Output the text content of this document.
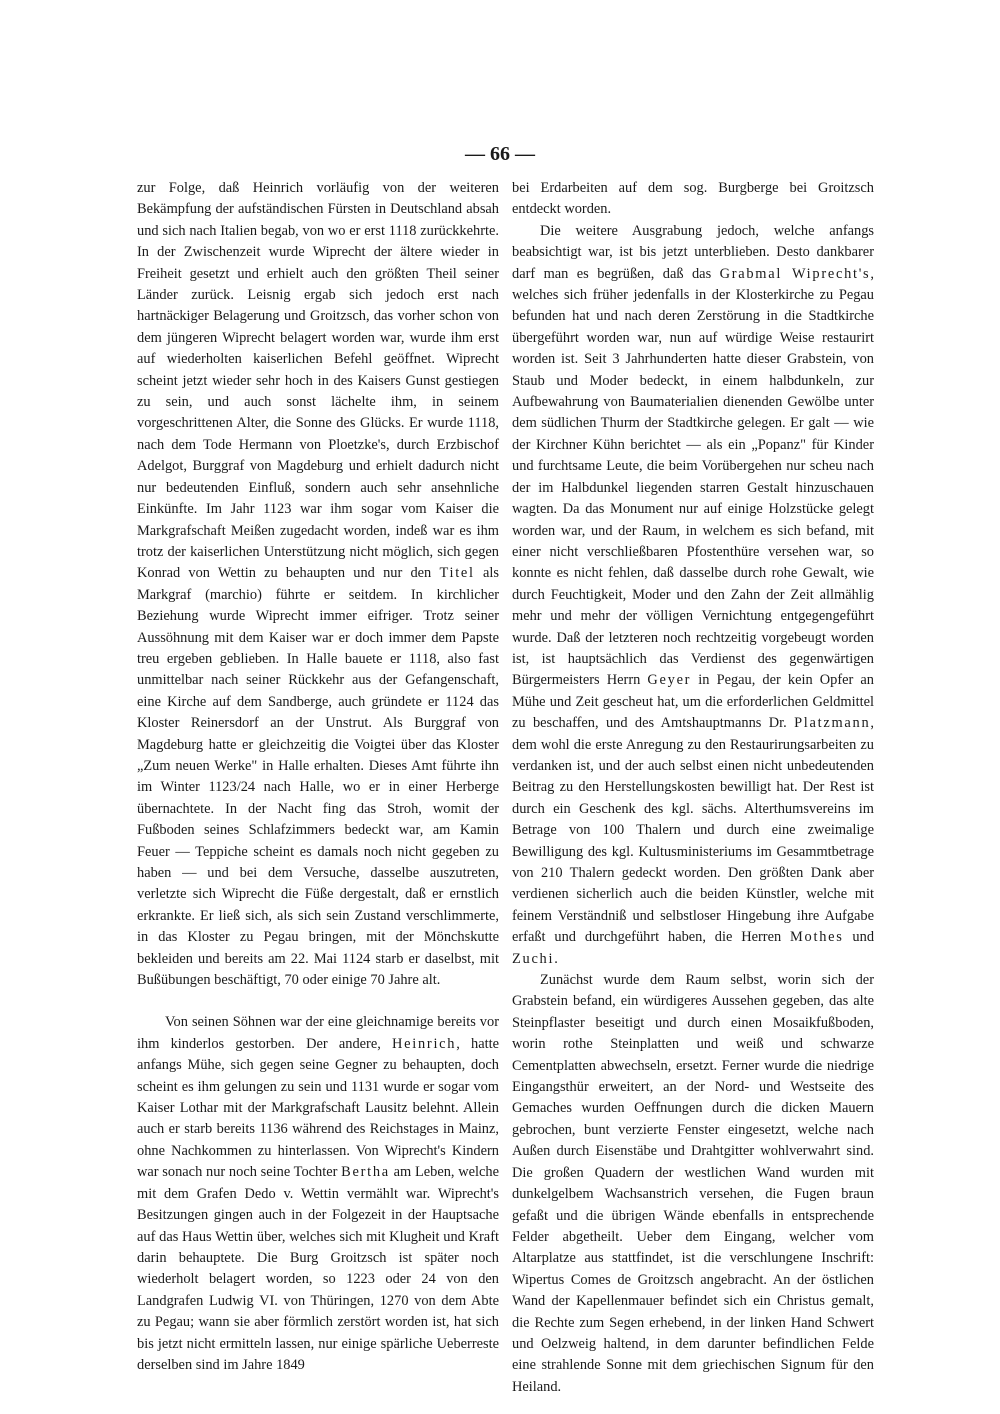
— 66 —

zur Folge, daß Heinrich vorläufig von der weiteren Bekämpfung der aufständischen Fürsten in Deutschland absah und sich nach Italien begab, von wo er erst 1118 zurückkehrte. In der Zwischenzeit wurde Wiprecht der ältere wieder in Freiheit gesetzt und erhielt auch den größten Theil seiner Länder zurück. Leisnig ergab sich jedoch erst nach hartnäckiger Belagerung und Groitzsch, das vorher schon von dem jüngeren Wiprecht belagert worden war, wurde ihm erst auf wiederholten kaiserlichen Befehl geöffnet. Wiprecht scheint jetzt wieder sehr hoch in des Kaisers Gunst gestiegen zu sein, und auch sonst lächelte ihm, in seinem vorgeschrittenen Alter, die Sonne des Glücks. Er wurde 1118, nach dem Tode Hermann von Ploetzke's, durch Erzbischof Adelgot, Burggraf von Magdeburg und erhielt dadurch nicht nur bedeutenden Einfluß, sondern auch sehr ansehnliche Einkünfte. Im Jahr 1123 war ihm sogar vom Kaiser die Markgrafschaft Meißen zugedacht worden, indeß war es ihm trotz der kaiserlichen Unterstützung nicht möglich, sich gegen Konrad von Wettin zu behaupten und nur den Titel als Markgraf (marchio) führte er seitdem. In kirchlicher Beziehung wurde Wiprecht immer eifriger. Trotz seiner Aussöhnung mit dem Kaiser war er doch immer dem Papste treu ergeben geblieben. In Halle bauete er 1118, also fast unmittelbar nach seiner Rückkehr aus der Gefangenschaft, eine Kirche auf dem Sandberge, auch gründete er 1124 das Kloster Reinersdorf an der Unstrut. Als Burggraf von Magdeburg hatte er gleichzeitig die Voigtei über das Kloster „Zum neuen Werke" in Halle erhalten. Dieses Amt führte ihn im Winter 1123/24 nach Halle, wo er in einer Herberge übernachtete. In der Nacht fing das Stroh, womit der Fußboden seines Schlafzimmers bedeckt war, am Kamin Feuer — Teppiche scheint es damals noch nicht gegeben zu haben — und bei dem Versuche, dasselbe auszutreten, verletzte sich Wiprecht die Füße dergestalt, daß er ernstlich erkrankte. Er ließ sich, als sich sein Zustand verschlimmerte, in das Kloster zu Pegau bringen, mit der Mönchskutte bekleiden und bereits am 22. Mai 1124 starb er daselbst, mit Bußübungen beschäftigt, 70 oder einige 70 Jahre alt.

Von seinen Söhnen war der eine gleichnamige bereits vor ihm kinderlos gestorben. Der andere, Heinrich, hatte anfangs Mühe, sich gegen seine Gegner zu behaupten, doch scheint es ihm gelungen zu sein und 1131 wurde er sogar vom Kaiser Lothar mit der Markgrafschaft Lausitz belehnt. Allein auch er starb bereits 1136 während des Reichstages in Mainz, ohne Nachkommen zu hinterlassen. Von Wiprecht's Kindern war sonach nur noch seine Tochter Bertha am Leben, welche mit dem Grafen Dedo v. Wettin vermählt war. Wiprecht's Besitzungen gingen auch in der Folgezeit in der Hauptsache auf das Haus Wettin über, welches sich mit Klugheit und Kraft darin behauptete. Die Burg Groitzsch ist später noch wiederholt belagert worden, so 1223 oder 24 von den Landgrafen Ludwig VI. von Thüringen, 1270 von dem Abte zu Pegau; wann sie aber förmlich zerstört worden ist, hat sich bis jetzt nicht ermitteln lassen, nur einige spärliche Ueberreste derselben sind im Jahre 1849

bei Erdarbeiten auf dem sog. Burgberge bei Groitzsch entdeckt worden.

Die weitere Ausgrabung jedoch, welche anfangs beabsichtigt war, ist bis jetzt unterblieben. Desto dankbarer darf man es begrüßen, daß das Grabmal Wiprecht's, welches sich früher jedenfalls in der Klosterkirche zu Pegau befunden hat und nach deren Zerstörung in die Stadtkirche übergeführt worden war, nun auf würdige Weise restaurirt worden ist. Seit 3 Jahrhunderten hatte dieser Grabstein, von Staub und Moder bedeckt, in einem halbdunkeln, zur Aufbewahrung von Baumaterialien dienenden Gewölbe unter dem südlichen Thurm der Stadtkirche gelegen. Er galt — wie der Kirchner Kühn berichtet — als ein „Popanz" für Kinder und furchtsame Leute, die beim Vorübergehen nur scheu nach der im Halbdunkel liegenden starren Gestalt hinzuschauen wagten. Da das Monument nur auf einige Holzstücke gelegt worden war, und der Raum, in welchem es sich befand, mit einer nicht verschließbaren Pfostenthüre versehen war, so konnte es nicht fehlen, daß dasselbe durch rohe Gewalt, wie durch Feuchtigkeit, Moder und den Zahn der Zeit allmählig mehr und mehr der völligen Vernichtung entgegengeführt wurde. Daß der letzteren noch rechtzeitig vorgebeugt worden ist, ist hauptsächlich das Verdienst des gegenwärtigen Bürgermeisters Herrn Geyer in Pegau, der kein Opfer an Mühe und Zeit gescheut hat, um die erforderlichen Geldmittel zu beschaffen, und des Amtshauptmanns Dr. Platzmann, dem wohl die erste Anregung zu den Restaurirungsarbeiten zu verdanken ist, und der auch selbst einen nicht unbedeutenden Beitrag zu den Herstellungskosten bewilligt hat. Der Rest ist durch ein Geschenk des kgl. sächs. Alterthumsvereins im Betrage von 100 Thalern und durch eine zweimalige Bewilligung des kgl. Kultusministeriums im Gesammtbetrage von 210 Thalern gedeckt worden. Den größten Dank aber verdienen sicherlich auch die beiden Künstler, welche mit feinem Verständniß und selbstloser Hingebung ihre Aufgabe erfaßt und durchgeführt haben, die Herren Mothes und Zuchi.

Zunächst wurde dem Raum selbst, worin sich der Grabstein befand, ein würdigeres Aussehen gegeben, das alte Steinpflaster beseitigt und durch einen Mosaikfußboden, worin rothe Steinplatten und weiß und schwarze Cementplatten abwechseln, ersetzt. Ferner wurde die niedrige Eingangsthür erweitert, an der Nord- und Westseite des Gemaches wurden Oeffnungen durch die dicken Mauern gebrochen, bunt verzierte Fenster eingesetzt, welche nach Außen durch Eisenstäbe und Drahtgitter wohlverwahrt sind. Die großen Quadern der westlichen Wand wurden mit dunkelgelbem Wachsanstrich versehen, die Fugen braun gefaßt und die übrigen Wände ebenfalls in entsprechende Felder abgetheilt. Ueber dem Eingang, welcher vom Altarplatze aus stattfindet, ist die verschlungene Inschrift: Wipertus Comes de Groitzsch angebracht. An der östlichen Wand der Kapellenmauer befindet sich ein Christus gemalt, die Rechte zum Segen erhebend, in der linken Hand Schwert und Oelzweig haltend, in dem darunter befindlichen Felde eine strahlende Sonne mit dem griechischen Signum für den Heiland.
